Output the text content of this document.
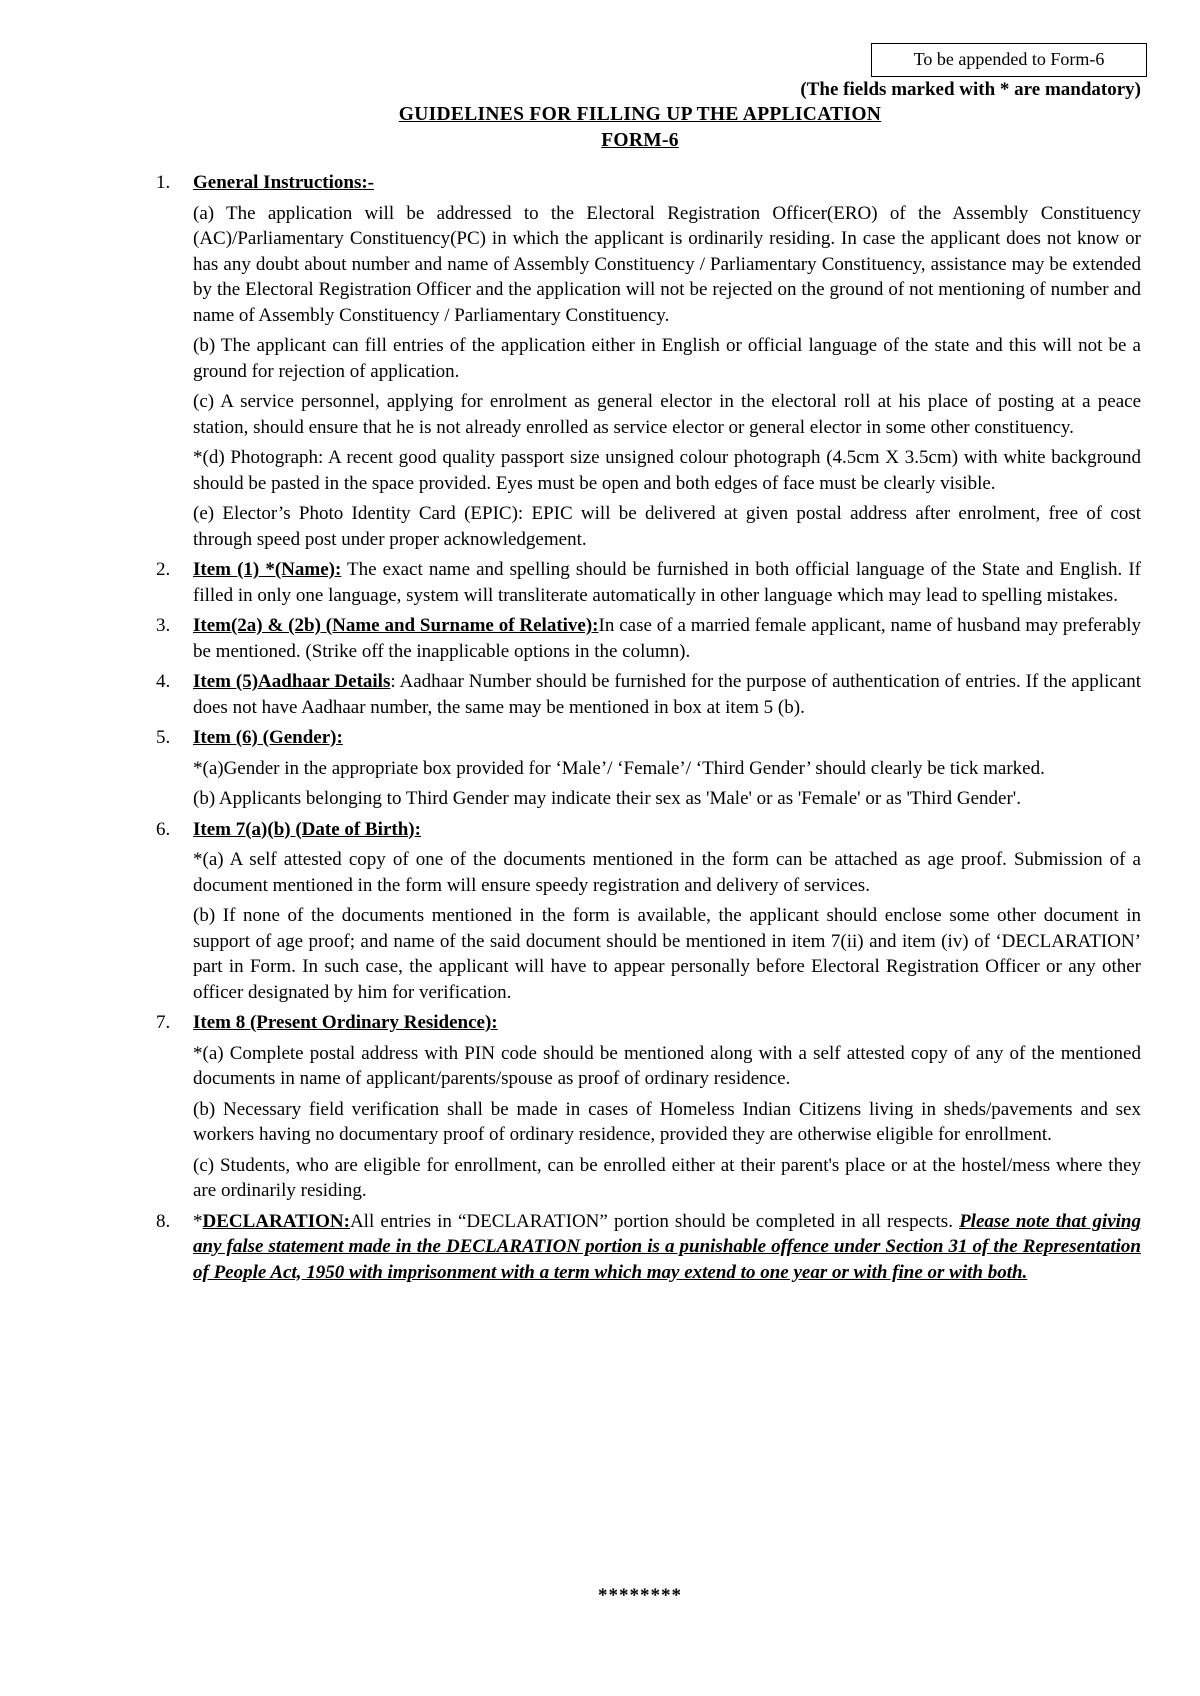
To be appended to Form-6
(The fields marked with * are mandatory)
GUIDELINES FOR FILLING UP THE APPLICATION
FORM-6
1. General Instructions:-
(a) The application will be addressed to the Electoral Registration Officer(ERO) of the Assembly Constituency (AC)/Parliamentary Constituency(PC) in which the applicant is ordinarily residing. In case the applicant does not know or has any doubt about number and name of Assembly Constituency / Parliamentary Constituency, assistance may be extended by the Electoral Registration Officer and the application will not be rejected on the ground of not mentioning of number and name of Assembly Constituency / Parliamentary Constituency.
(b) The applicant can fill entries of the application either in English or official language of the state and this will not be a ground for rejection of application.
(c) A service personnel, applying for enrolment as general elector in the electoral roll at his place of posting at a peace station, should ensure that he is not already enrolled as service elector or general elector in some other constituency.
*(d) Photograph: A recent good quality passport size unsigned colour photograph (4.5cm X 3.5cm) with white background should be pasted in the space provided. Eyes must be open and both edges of face must be clearly visible.
(e) Elector’s Photo Identity Card (EPIC): EPIC will be delivered at given postal address after enrolment, free of cost through speed post under proper acknowledgement.
2. Item (1) *(Name): The exact name and spelling should be furnished in both official language of the State and English. If filled in only one language, system will transliterate automatically in other language which may lead to spelling mistakes.
3. Item(2a) & (2b) (Name and Surname of Relative):In case of a married female applicant, name of husband may preferably be mentioned. (Strike off the inapplicable options in the column).
4. Item (5)Aadhaar Details: Aadhaar Number should be furnished for the purpose of authentication of entries. If the applicant does not have Aadhaar number, the same may be mentioned in box at item 5 (b).
5. Item (6) (Gender):
*(a)Gender in the appropriate box provided for ‘Male’/ ‘Female’/ ‘Third Gender’ should clearly be tick marked.
(b) Applicants belonging to Third Gender may indicate their sex as 'Male' or as 'Female' or as 'Third Gender'.
6. Item 7(a)(b) (Date of Birth):
*(a) A self attested copy of one of the documents mentioned in the form can be attached as age proof. Submission of a document mentioned in the form will ensure speedy registration and delivery of services.
(b) If none of the documents mentioned in the form is available, the applicant should enclose some other document in support of age proof; and name of the said document should be mentioned in item 7(ii) and item (iv) of ‘DECLARATION’ part in Form. In such case, the applicant will have to appear personally before Electoral Registration Officer or any other officer designated by him for verification.
7. Item 8 (Present Ordinary Residence):
*(a) Complete postal address with PIN code should be mentioned along with a self attested copy of any of the mentioned documents in name of applicant/parents/spouse as proof of ordinary residence.
(b) Necessary field verification shall be made in cases of Homeless Indian Citizens living in sheds/pavements and sex workers having no documentary proof of ordinary residence, provided they are otherwise eligible for enrollment.
(c) Students, who are eligible for enrollment, can be enrolled either at their parent's place or at the hostel/mess where they are ordinarily residing.
8. *DECLARATION:All entries in “DECLARATION” portion should be completed in all respects. Please note that giving any false statement made in the DECLARATION portion is a punishable offence under Section 31 of the Representation of People Act, 1950 with imprisonment with a term which may extend to one year or with fine or with both.
********
